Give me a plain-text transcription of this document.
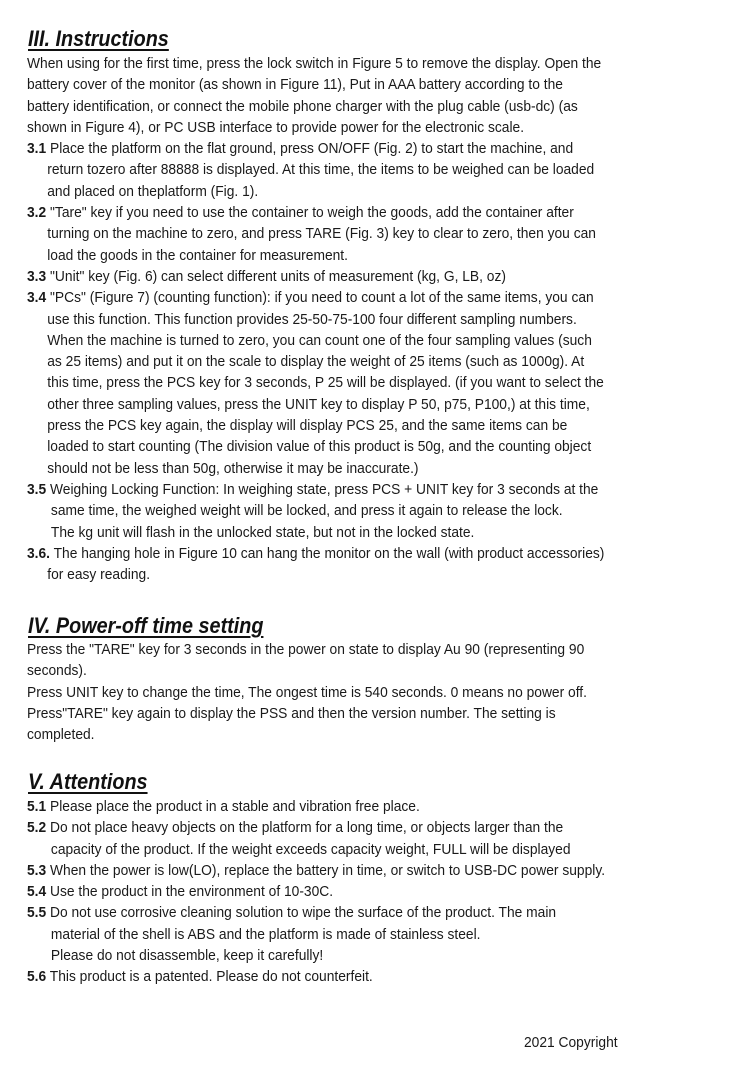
III. Instructions
When using for the first time, press the lock switch in Figure 5 to remove the display. Open the
battery cover of the monitor (as shown in Figure 11), Put in AAA battery according to the
battery identification, or connect the mobile phone charger with the plug cable (usb-dc) (as
shown in Figure 4), or PC USB interface to provide power for the electronic scale.
3.1 Place the platform on the flat ground, press ON/OFF (Fig. 2) to start the machine, and
return tozero after 88888 is displayed. At this time, the items to be weighed can be loaded
and placed on theplatform (Fig. 1).
3.2 "Tare" key if you need to use the container to weigh the goods, add the container after
turning on the machine to zero, and press TARE (Fig. 3) key to clear to zero, then you can
load the goods in the container for measurement.
3.3 "Unit" key (Fig. 6) can select different units of measurement (kg, G, LB, oz)
3.4 "PCs" (Figure 7) (counting function): if you need to count a lot of the same items, you can
use this function. This function provides 25-50-75-100 four different sampling numbers.
When the machine is turned to zero, you can count one of the four sampling values (such
as 25 items) and put it on the scale to display the weight of 25 items (such as 1000g). At
this time, press the PCS key for 3 seconds, P 25 will be displayed. (if you want to select the
other three sampling values, press the UNIT key to display P 50, p75, P100,) at this time,
press the PCS key again, the display will display PCS 25, and the same items can be
loaded to start counting (The division value of this product is 50g, and the counting object
should not be less than 50g, otherwise it may be inaccurate.)
3.5 Weighing Locking Function: In weighing state, press PCS + UNIT key for 3 seconds at the
same time, the weighed weight will be locked, and press it again to release the lock.
The kg unit will flash in the unlocked state, but not in the locked state.
3.6. The hanging hole in Figure 10 can hang the monitor on the wall (with product accessories)
for easy reading.
IV. Power-off time setting
Press the "TARE" key for 3 seconds in the power on state to display Au 90 (representing 90
seconds).
Press UNIT key to change the time, The ongest time is 540 seconds. 0 means no power off.
Press"TARE" key again to display the PSS and then the version number. The setting is
completed.
V. Attentions
5.1 Please place the product in a stable and vibration free place.
5.2 Do not place heavy objects on the platform for a long time, or objects larger than the
capacity of the product. If the weight exceeds capacity weight, FULL will be displayed
5.3 When the power is low(LO), replace the battery in time, or switch to USB-DC power supply.
5.4 Use the product in the environment of 10-30C.
5.5 Do not use corrosive cleaning solution to wipe the surface of the product. The main
material of the shell is ABS and the platform is made of stainless steel.
Please do not disassemble, keep it carefully!
5.6 This product is a patented. Please do not counterfeit.
2021 Copyright
